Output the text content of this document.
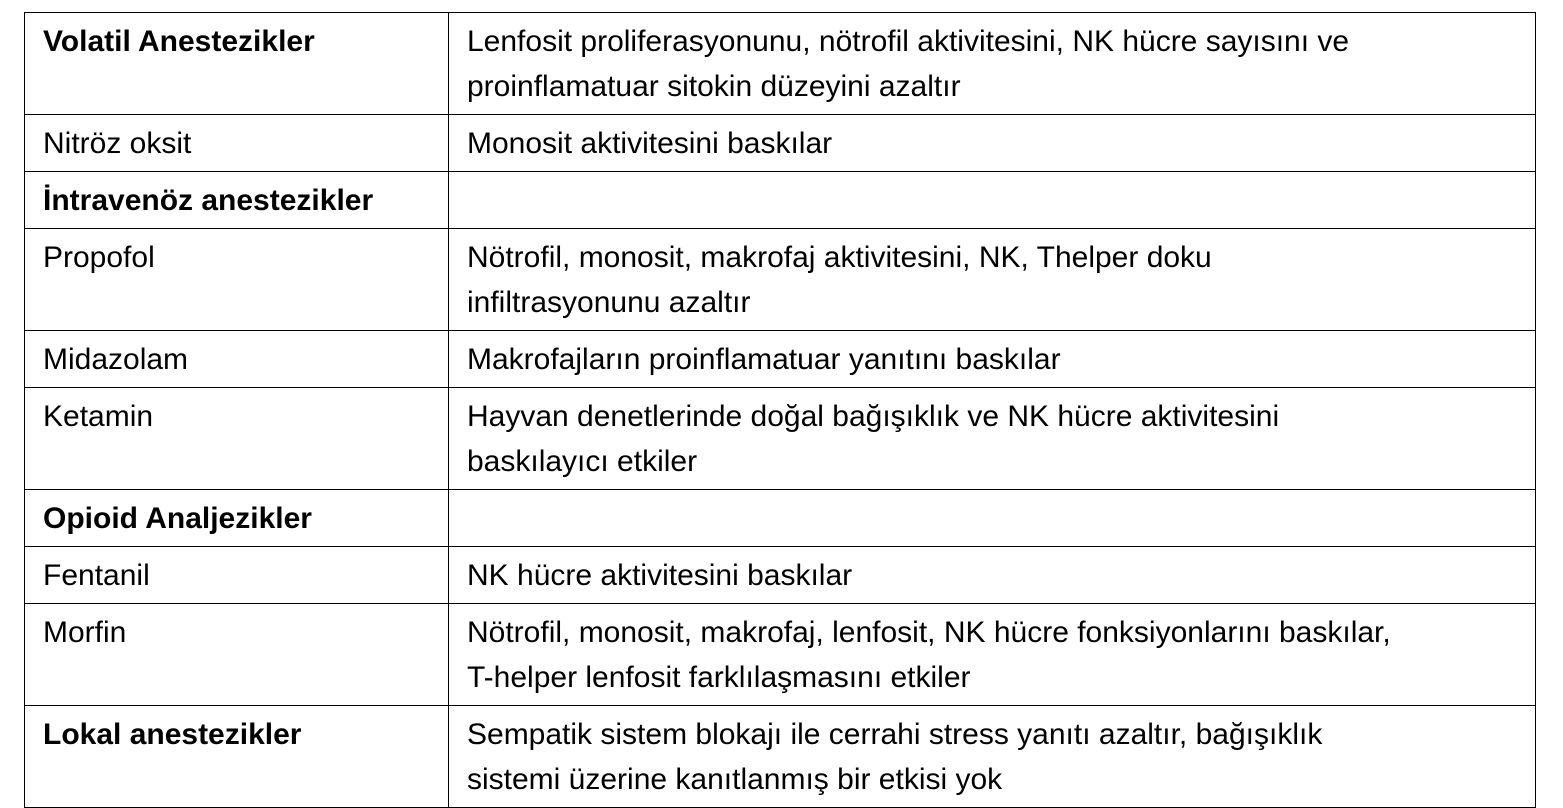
Volatil Anestezikler	Lenfosit proliferasyonunu, nötrofil aktivitesini, NK hücre sayısını ve
proinflamatuar sitokin düzeyini azaltır

Nitröz oksit	Monosit aktivitesini baskılar

İntravenöz anestezikler	

Propofol	Nötrofil, monosit, makrofaj aktivitesini, NK, Thelper doku
infiltrasyonunu azaltır

Midazolam	Makrofajların proinflamatuar yanıtını baskılar

Ketamin	Hayvan denetlerinde doğal bağışıklık ve NK hücre aktivitesini
baskılayıcı etkiler

Opioid Analjezikler	

Fentanil	NK hücre aktivitesini baskılar

Morfin	Nötrofil, monosit, makrofaj, lenfosit, NK hücre fonksiyonlarını baskılar,
T-helper lenfosit farklılaşmasını etkiler

Lokal anestezikler	Sempatik sistem blokajı ile cerrahi stress yanıtı azaltır, bağışıklık
sistemi üzerine kanıtlanmış bir etkisi yok
